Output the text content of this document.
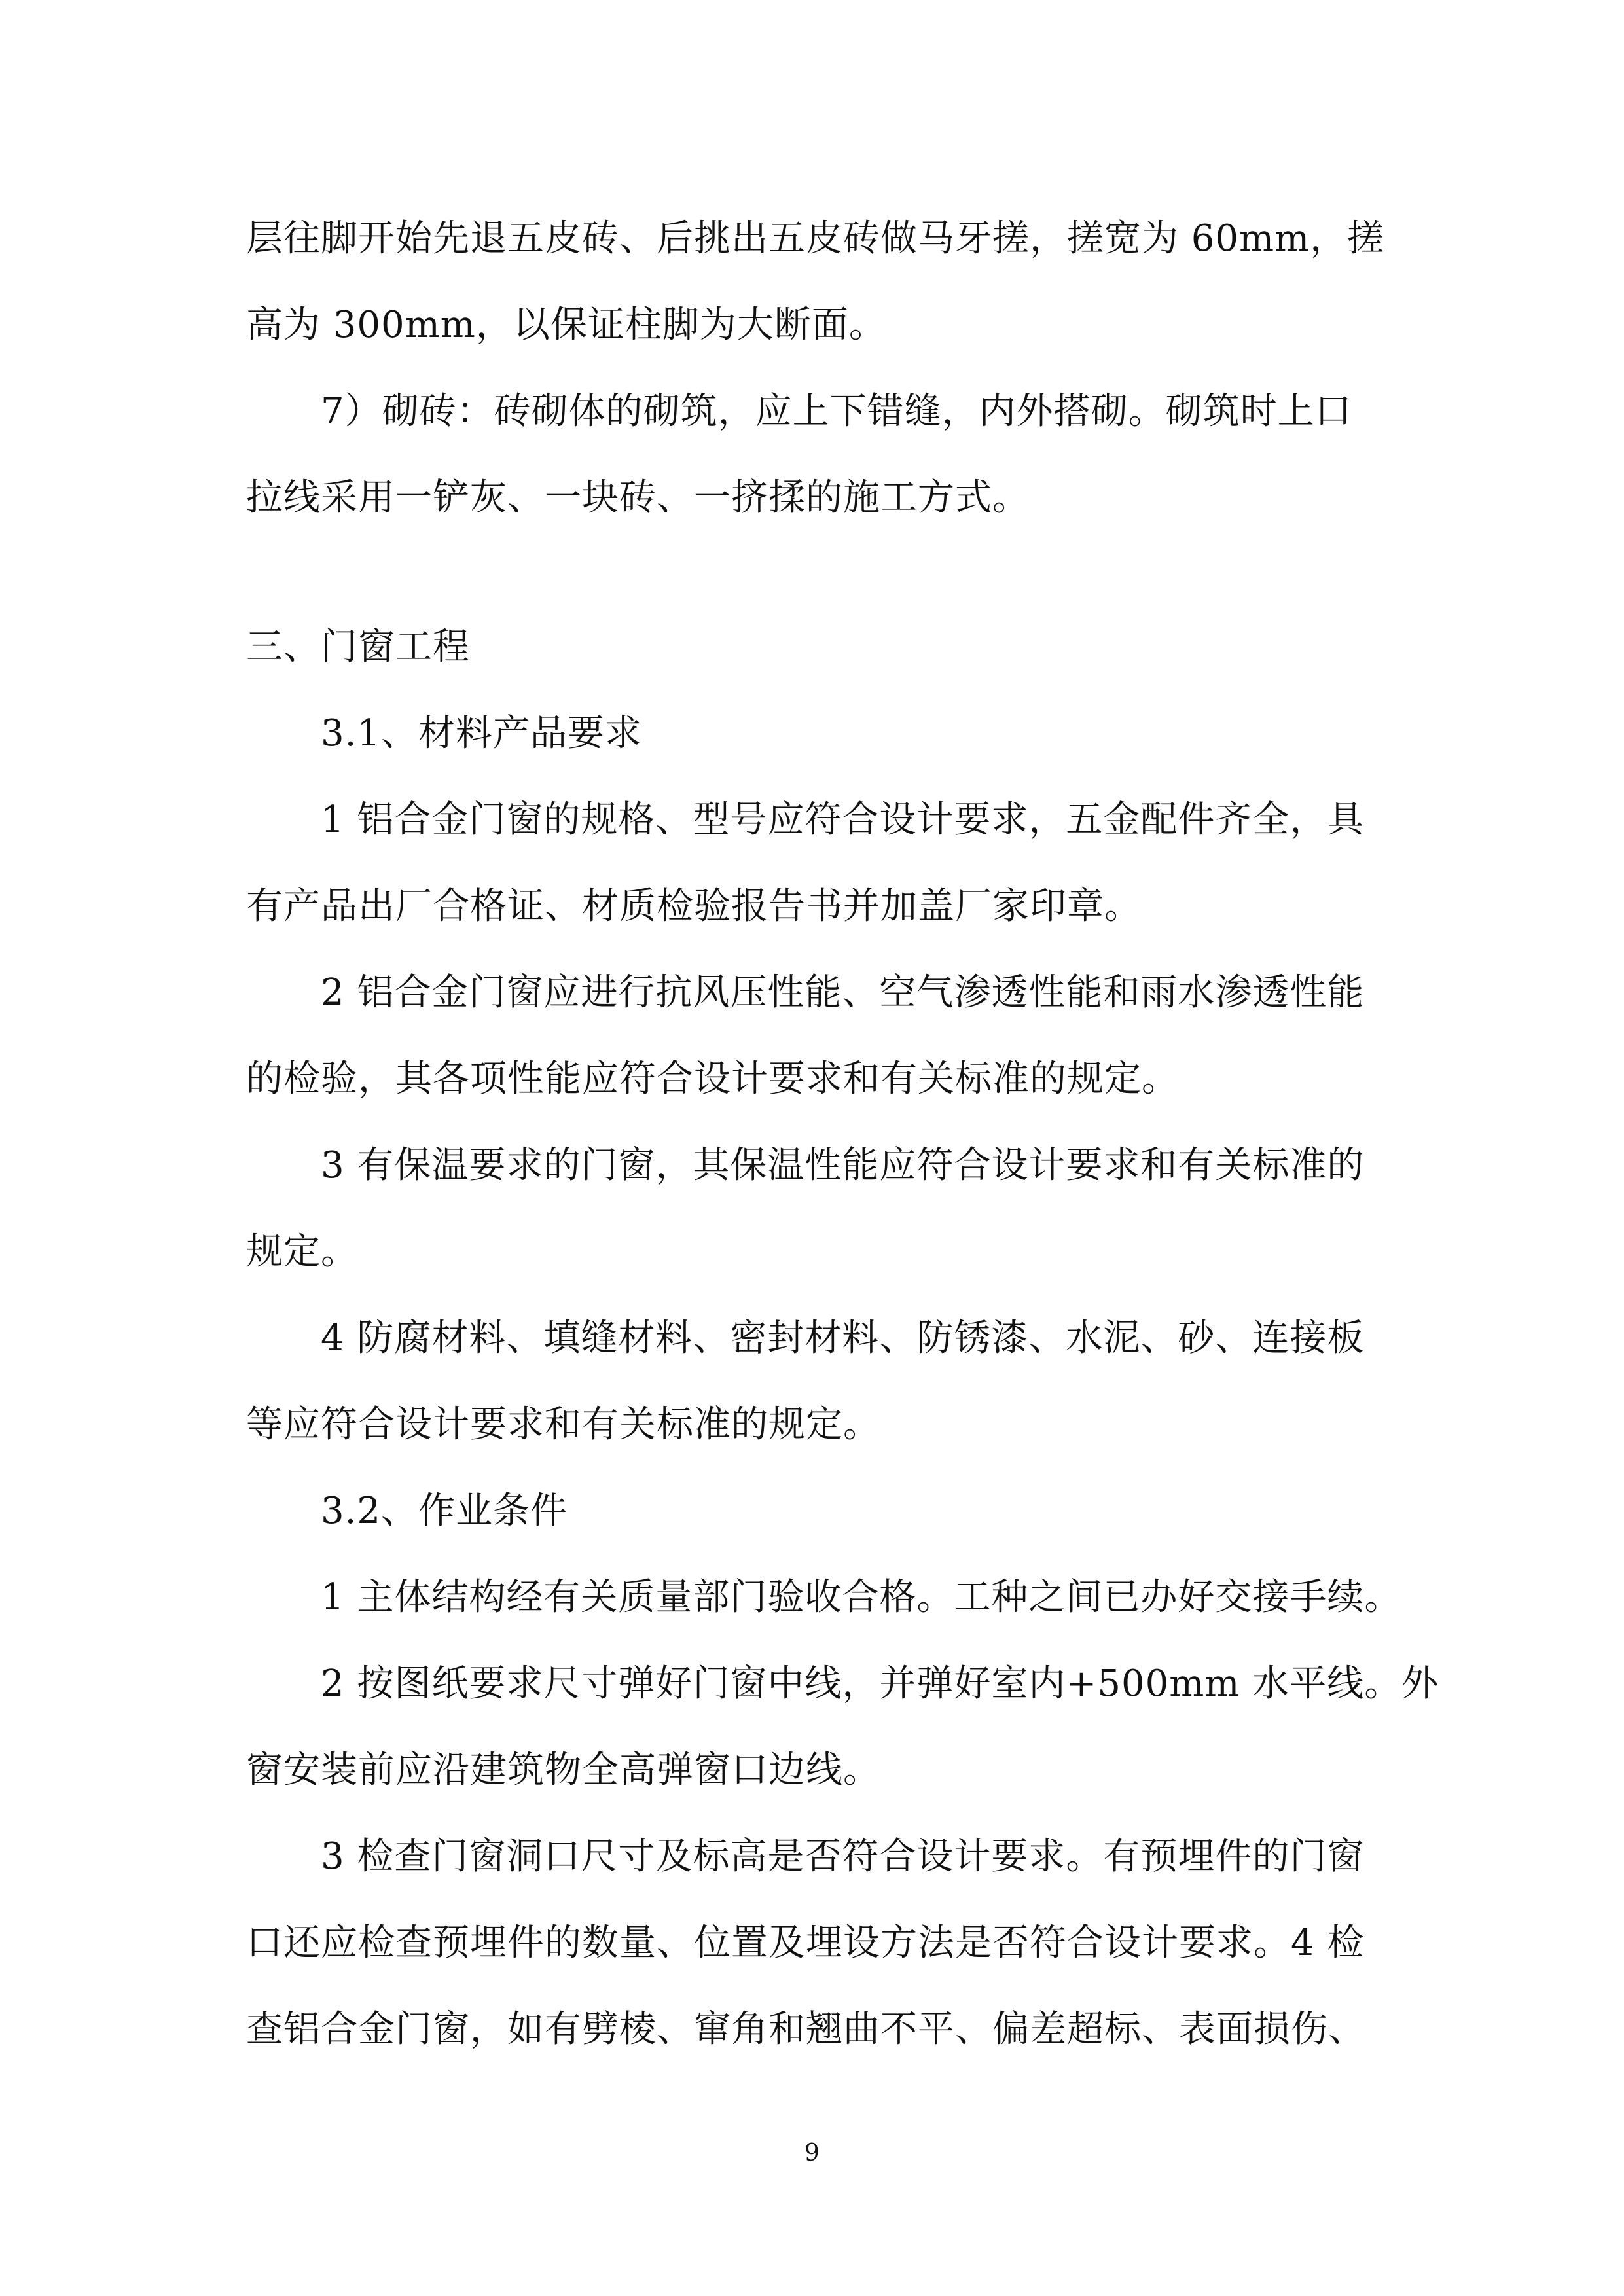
层往脚开始先退五皮砖、后挑出五皮砖做马牙搓，搓宽为 60mm，搓
高为 300mm，以保证柱脚为大断面。
7）砌砖：砖砌体的砌筑，应上下错缝，内外搭砌。砌筑时上口
拉线采用一铲灰、一块砖、一挤揉的施工方式。
三、门窗工程
3.1、材料产品要求
1 铝合金门窗的规格、型号应符合设计要求，五金配件齐全，具
有产品出厂合格证、材质检验报告书并加盖厂家印章。
2 铝合金门窗应进行抗风压性能、空气渗透性能和雨水渗透性能
的检验，其各项性能应符合设计要求和有关标准的规定。
3 有保温要求的门窗，其保温性能应符合设计要求和有关标准的
规定。
4 防腐材料、填缝材料、密封材料、防锈漆、水泥、砂、连接板
等应符合设计要求和有关标准的规定。
3.2、作业条件
1 主体结构经有关质量部门验收合格。工种之间已办好交接手续。
2 按图纸要求尺寸弹好门窗中线，并弹好室内+500mm 水平线。外
窗安装前应沿建筑物全高弹窗口边线。
3 检查门窗洞口尺寸及标高是否符合设计要求。有预埋件的门窗
口还应检查预埋件的数量、位置及埋设方法是否符合设计要求。4 检
查铝合金门窗，如有劈棱、窜角和翘曲不平、偏差超标、表面损伤、
9
